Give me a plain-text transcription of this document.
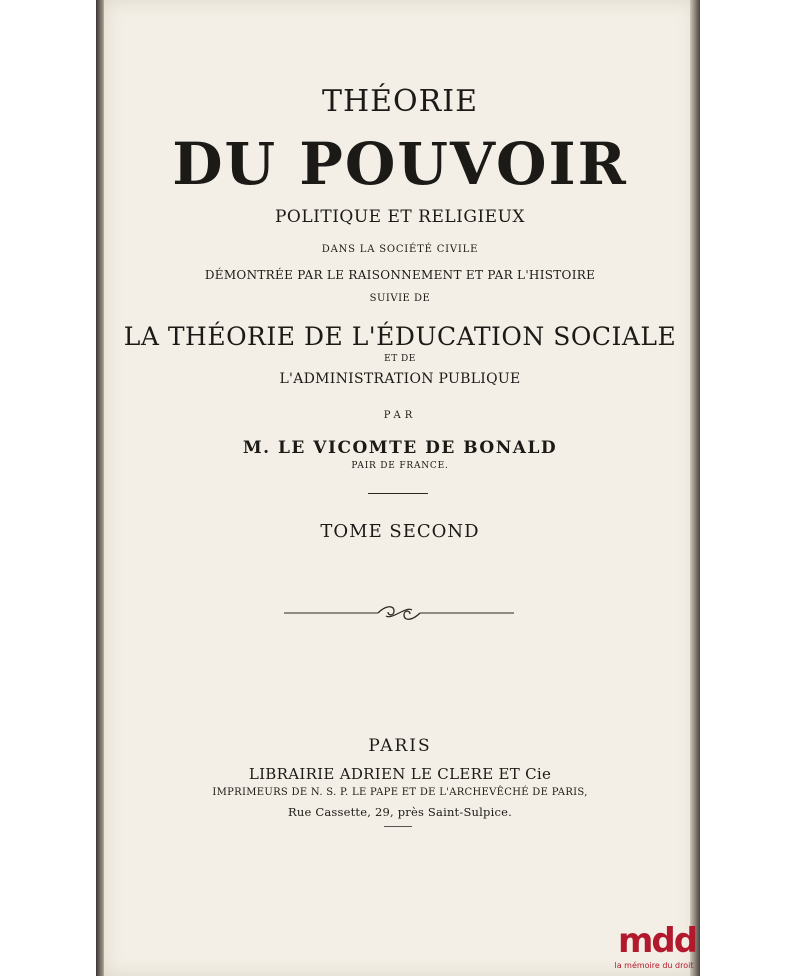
THÉORIE
DU POUVOIR
POLITIQUE ET RELIGIEUX
DANS LA SOCIÉTÉ CIVILE
DÉMONTRÉE PAR LE RAISONNEMENT ET PAR L'HISTOIRE
SUIVIE DE
LA THÉORIE DE L'ÉDUCATION SOCIALE
ET DE
L'ADMINISTRATION PUBLIQUE
PAR
M. LE VICOMTE DE BONALD
PAIR DE FRANCE.
TOME SECOND
PARIS
LIBRAIRIE ADRIEN LE CLERE ET Cie
IMPRIMEURS DE N. S. P. LE PAPE ET DE L'ARCHEVÊCHÉ DE PARIS,
Rue Cassette, 29, près Saint-Sulpice.
mdd
la mémoire du droit
